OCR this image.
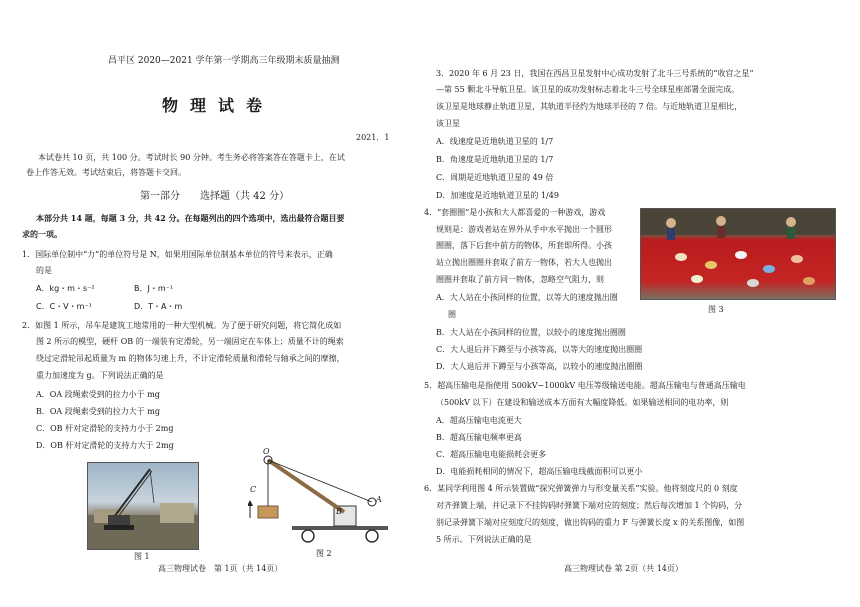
昌平区 2020—2021 学年第一学期高三年级期末质量抽测
物理试卷
2021．1
本试卷共 10 页，共 100 分。考试时长 90 分钟。考生务必将答案答在答题卡上，在试
卷上作答无效。考试结束后，将答题卡交回。
第一部分　　选择题（共 42 分）
本部分共 14 题，每题 3 分，共 42 分。在每题列出的四个选项中，选出最符合题目要
求的一项。
1．国际单位制中“力”的单位符号是 N，如果用国际单位制基本单位的符号来表示，正确
的是
A．kg・m・s⁻²	B．J・m⁻¹
C．C・V・m⁻¹	D．T・A・m
2．如图 1 所示，吊车是建筑工地常用的一种大型机械。为了便于研究问题，将它简化成如
图 2 所示的模型，硬杆 OB 的一端装有定滑轮，另一端固定在车体上；质量不计的绳索
绕过定滑轮吊起质量为 m 的物体匀速上升，不计定滑轮质量和滑轮与轴承之间的摩擦，
重力加速度为 g。下列说法正确的是
A．OA 段绳索受到的拉力小于 mg
B．OA 段绳索受到的拉力大于 mg
C．OB 杆对定滑轮的支持力小于 2mg
D．OB 杆对定滑轮的支持力大于 2mg
图 1
O
C
A
B
图 2
高三物理试卷　第 1页（共 14页）
3．2020 年 6 月 23 日，我国在西昌卫星发射中心成功发射了北斗三号系统的“收官之星”
—第 55 颗北斗导航卫星。该卫星的成功发射标志着北斗三号全球星座部署全面完成。
该卫星是地球静止轨道卫星，其轨道半径约为地球半径的 7 倍。与近地轨道卫星相比，
该卫星
A．线速度是近地轨道卫星的 1/7
B．角速度是近地轨道卫星的 1/7
C．周期是近地轨道卫星的 49 倍
D．加速度是近地轨道卫星的 1/49
4．“套圈圈”是小孩和大人都喜爱的一种游戏，游戏
规则是：游戏者站在界外从手中水平抛出一个圆形
圈圈，落下后套中前方的物体，所套即所得。小孩
站立抛出圈圈并套取了前方一物体，若大人也抛出
圈圈并套取了前方同一物体，忽略空气阻力，则
A．大人站在小孩同样的位置，以等大的速度抛出圈
圈
B．大人站在小孩同样的位置，以较小的速度抛出圈圈
C．大人退后并下蹲至与小孩等高，以等大的速度抛出圈圈
D．大人退后并下蹲至与小孩等高，以较小的速度抛出圈圈
图 3
5．超高压输电是指使用 500kV~1000kV 电压等级输送电能。超高压输电与普通高压输电
（500kV 以下）在建设和输送成本方面有大幅度降低。如果输送相同的电功率，则
A．超高压输电电流更大
B．超高压输电频率更高
C．超高压输电电能损耗会更多
D．电能损耗相同的情况下，超高压输电线截面积可以更小
6．某同学利用图 4 所示装置做“探究弹簧弹力与形变量关系”实验。他将刻度尺的 0 刻度
对齐弹簧上端，并记录下不挂钩码时弹簧下端对应的刻度；然后每次增加 1 个钩码，分
别记录弹簧下端对应刻度尺的刻度，做出钩码的重力 F 与弹簧长度 x 的关系图像，如图
5 所示。下列说法正确的是
高三物理试卷 第 2页（共 14页）
